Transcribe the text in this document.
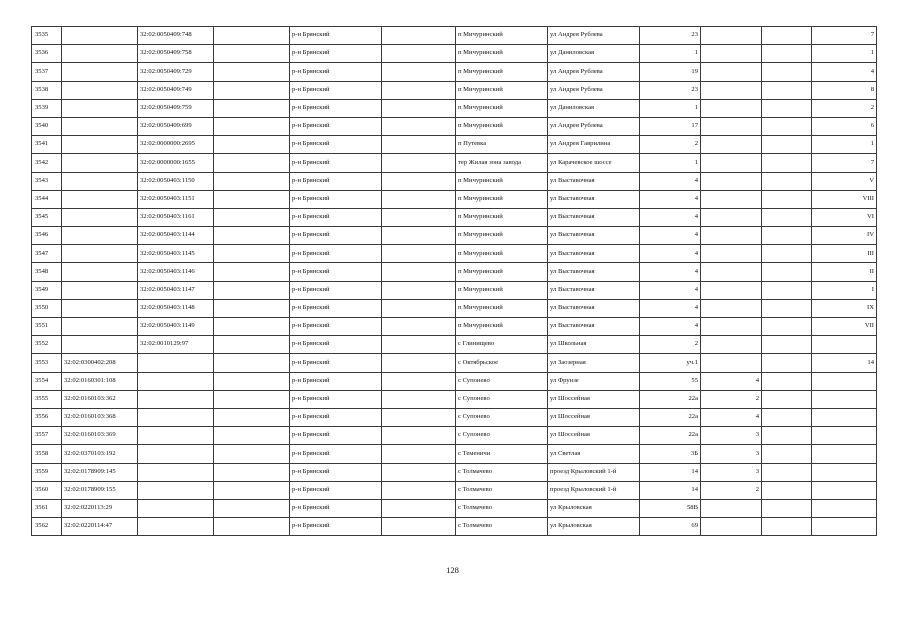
3535		32:02:0050409:748		р-н Брянский		п Мичуринский	ул Андрея Рублева	23			7
3536		32:02:0050409:758		р-н Брянский		п Мичуринский	ул Даниловская	1			1
3537		32:02:0050409:729		р-н Брянский		п Мичуринский	ул Андрея Рублева	19			4
3538		32:02:0050409:749		р-н Брянский		п Мичуринский	ул Андрея Рублева	23			8
3539		32:02:0050409:759		р-н Брянский		п Мичуринский	ул Даниловская	1			2
3540		32:02:0050409:699		р-н Брянский		п Мичуринский	ул Андрея Рублева	17			6
3541		32:02:0000000:2695		р-н Брянский		п Путевка	ул Андрея Гаврилина	2			1
3542		32:02:0000000:1655		р-н Брянский		тер Жилая зона завода	ул Карачевское шоссе	1			7
3543		32:02:0050403:1150		р-н Брянский		п Мичуринский	ул Выставочная	4			V
3544		32:02:0050403:1151		р-н Брянский		п Мичуринский	ул Выставочная	4			VIII
3545		32:02:0050403:1161		р-н Брянский		п Мичуринский	ул Выставочная	4			VI
3546		32:02:0050403:1144		р-н Брянский		п Мичуринский	ул Выставочная	4			IV
3547		32:02:0050403:1145		р-н Брянский		п Мичуринский	ул Выставочная	4			III
3548		32:02:0050403:1146		р-н Брянский		п Мичуринский	ул Выставочная	4			II
3549		32:02:0050403:1147		р-н Брянский		п Мичуринский	ул Выставочная	4			I
3550		32:02:0050403:1148		р-н Брянский		п Мичуринский	ул Выставочная	4			IX
3551		32:02:0050403:1149		р-н Брянский		п Мичуринский	ул Выставочная	4			VII
3552		32:02:0010129:97		р-н Брянский		с Глинищево	ул Школьная	2			
3553	32:02:0300402:208			р-н Брянский		с Октябрьское	ул Заозерная	уч.1			14
3554	32:02:0160301:108			р-н Брянский		с Супонево	ул Фрунзе	55	4		
3555	32:02:0160103:362			р-н Брянский		с Супонево	ул Шоссейная	22а	2		
3556	32:02:0160103:368			р-н Брянский		с Супонево	ул Шоссейная	22а	4		
3557	32:02:0160103:369			р-н Брянский		с Супонево	ул Шоссейная	22а	3		
3558	32:02:0370103:192			р-н Брянский		с Теменичи	ул Светлая	3Б	3		
3559	32:02:0178909:145			р-н Брянский		с Толмачево	проезд Крыловский 1-й	14	3		
3560	32:02:0178909:155			р-н Брянский		с Толмачево	проезд Крыловский 1-й	14	2		
3561	32:02:0220113:29			р-н Брянский		с Толмачево	ул Крыловская	58В			
3562	32:02:0220114:47			р-н Брянский		с Толмачево	ул Крыловская	69			
128
